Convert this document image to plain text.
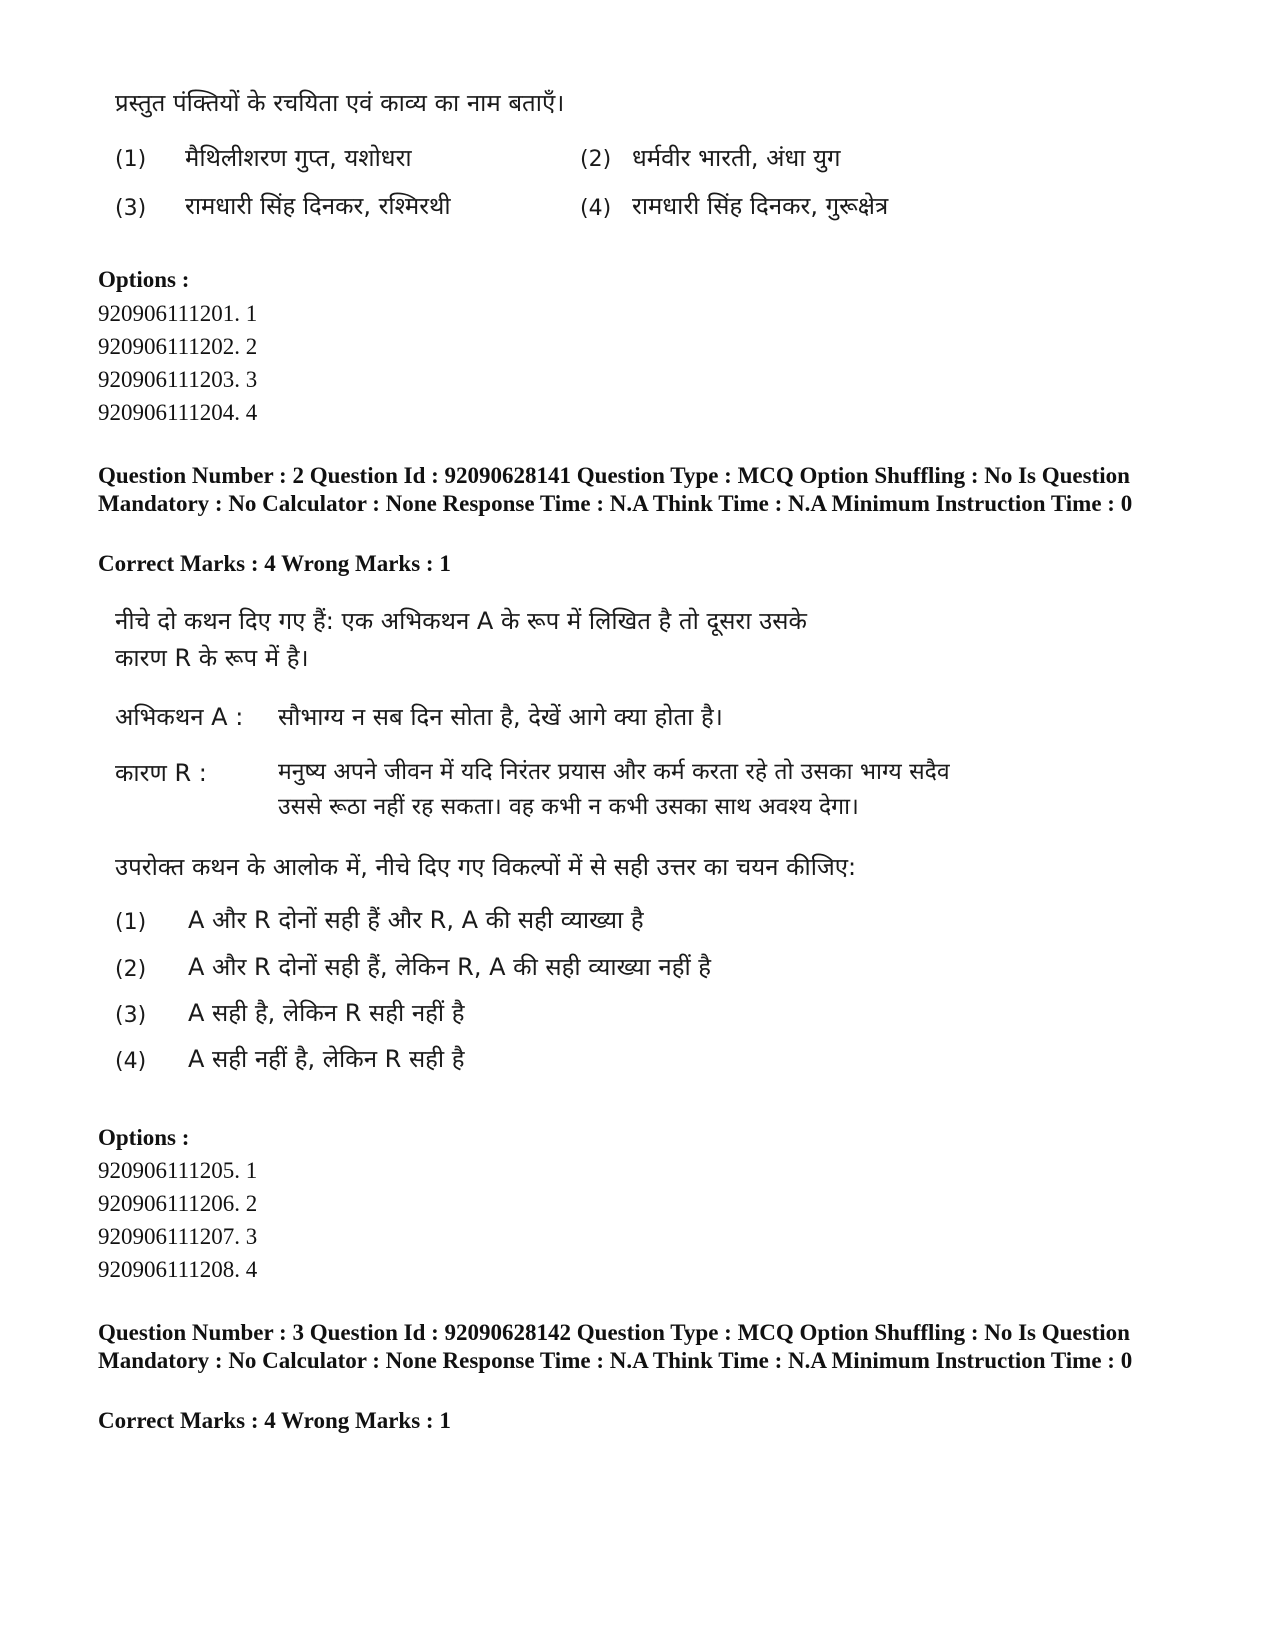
प्रस्तुत पंक्तियों के रचयिता एवं काव्य का नाम बताएँ।
(1) मैथिलीशरण गुप्त, यशोधरा	(2) धर्मवीर भारती, अंधा युग
(3) रामधारी सिंह दिनकर, रश्मिरथी	(4) रामधारी सिंह दिनकर, गुरूक्षेत्र
Options :
920906111201. 1
920906111202. 2
920906111203. 3
920906111204. 4
Question Number : 2 Question Id : 92090628141 Question Type : MCQ Option Shuffling : No Is Question Mandatory : No Calculator : None Response Time : N.A Think Time : N.A Minimum Instruction Time : 0
Correct Marks : 4 Wrong Marks : 1
नीचे दो कथन दिए गए हैं: एक अभिकथन A के रूप में लिखित है तो दूसरा उसके
कारण R के रूप में है।
अभिकथन A : सौभाग्य न सब दिन सोता है, देखें आगे क्या होता है।
कारण R :	मनुष्य अपने जीवन में यदि निरंतर प्रयास और कर्म करता रहे तो उसका भाग्य सदैव
उससे रूठा नहीं रह सकता। वह कभी न कभी उसका साथ अवश्य देगा।
उपरोक्त कथन के आलोक में, नीचे दिए गए विकल्पों में से सही उत्तर का चयन कीजिए:
(1) A और R दोनों सही हैं और R, A की सही व्याख्या है
(2) A और R दोनों सही हैं, लेकिन R, A की सही व्याख्या नहीं है
(3) A सही है, लेकिन R सही नहीं है
(4) A सही नहीं है, लेकिन R सही है
Options :
920906111205. 1
920906111206. 2
920906111207. 3
920906111208. 4
Question Number : 3 Question Id : 92090628142 Question Type : MCQ Option Shuffling : No Is Question Mandatory : No Calculator : None Response Time : N.A Think Time : N.A Minimum Instruction Time : 0
Correct Marks : 4 Wrong Marks : 1
